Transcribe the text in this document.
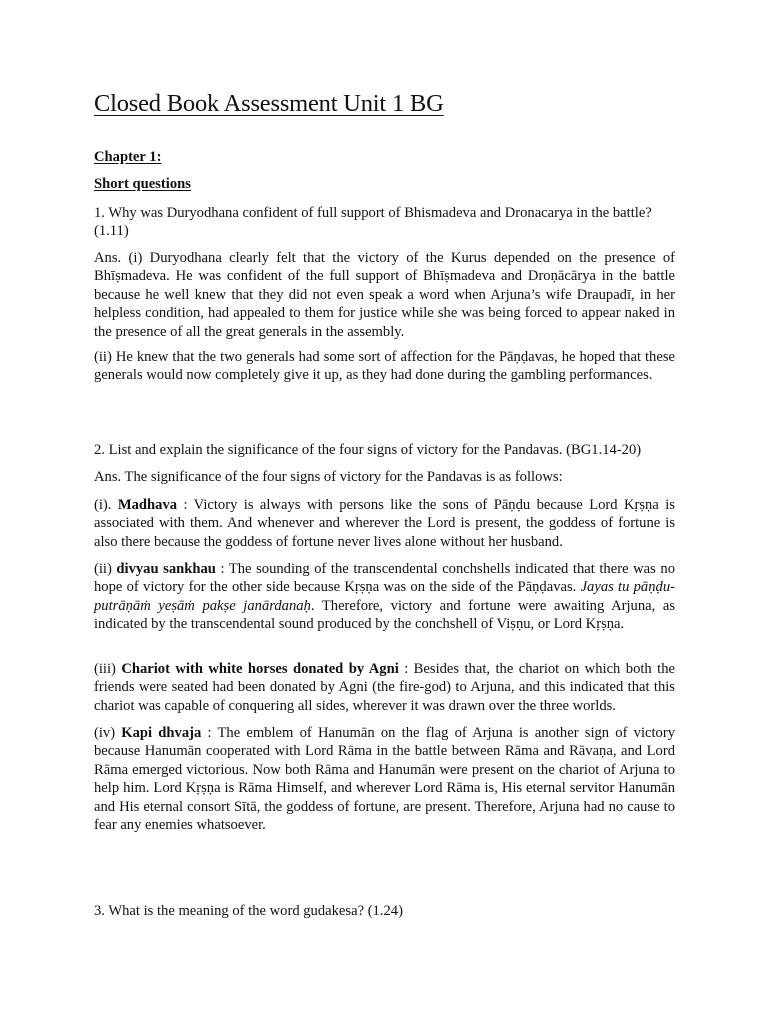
Closed Book Assessment Unit 1 BG

Chapter 1:

Short questions

1. Why was Duryodhana confident of full support of Bhismadeva and Dronacarya in the battle? (1.11)

Ans. (i) Duryodhana clearly felt that the victory of the Kurus depended on the presence of Bhīṣmadeva. He was confident of the full support of Bhīṣmadeva and Droṇācārya in the battle because he well knew that they did not even speak a word when Arjuna’s wife Draupadī, in her helpless condition, had appealed to them for justice while she was being forced to appear naked in the presence of all the great generals in the assembly.

(ii) He knew that the two generals had some sort of affection for the Pāṇḍavas, he hoped that these generals would now completely give it up, as they had done during the gambling performances.

2. List and explain the significance of the four signs of victory for the Pandavas. (BG1.14-20)

Ans. The significance of the four signs of victory for the Pandavas is as follows:

(i). Madhava : Victory is always with persons like the sons of Pāṇḍu because Lord Kṛṣṇa is associated with them. And whenever and wherever the Lord is present, the goddess of fortune is also there because the goddess of fortune never lives alone without her husband.

(ii) divyau sankhau : The sounding of the transcendental conchshells indicated that there was no hope of victory for the other side because Kṛṣṇa was on the side of the Pāṇḍavas. Jayas tu pāṇḍu-putrāṇāṁ yeṣāṁ pakṣe janārdanaḥ. Therefore, victory and fortune were awaiting Arjuna, as indicated by the transcendental sound produced by the conchshell of Viṣṇu, or Lord Kṛṣṇa.

(iii) Chariot with white horses donated by Agni : Besides that, the chariot on which both the friends were seated had been donated by Agni (the fire-god) to Arjuna, and this indicated that this chariot was capable of conquering all sides, wherever it was drawn over the three worlds.

(iv) Kapi dhvaja : The emblem of Hanumān on the flag of Arjuna is another sign of victory because Hanumān cooperated with Lord Rāma in the battle between Rāma and Rāvaṇa, and Lord Rāma emerged victorious. Now both Rāma and Hanumān were present on the chariot of Arjuna to help him. Lord Kṛṣṇa is Rāma Himself, and wherever Lord Rāma is, His eternal servitor Hanumān and His eternal consort Sītā, the goddess of fortune, are present. Therefore, Arjuna had no cause to fear any enemies whatsoever.

3. What is the meaning of the word gudakesa? (1.24)
